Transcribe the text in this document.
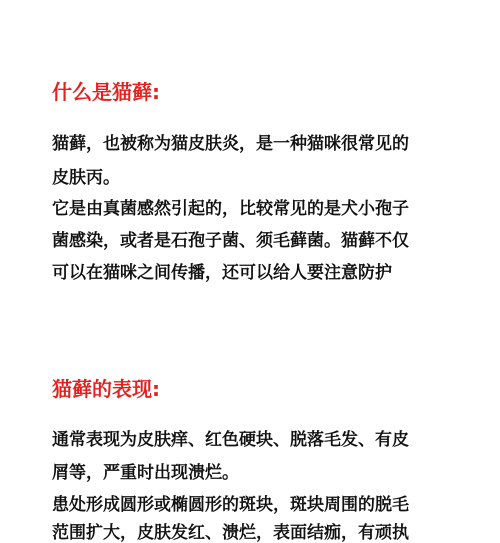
什么是猫藓:

猫藓，也被称为猫皮肤炎，是一种猫咪很常见的

皮肤丙。

它是由真菌感然引起的，比较常见的是犬小孢子

菌感染，或者是石孢子菌、须毛藓菌。猫藓不仅

可以在猫咪之间传播，还可以给人要注意防护

猫藓的表现:

通常表现为皮肤痒、红色硬块、脱落毛发、有皮

屑等，严重时出现溃烂。

患处形成圆形或椭圆形的斑块，斑块周围的脱毛

范围扩大，皮肤发红、溃烂，表面结痂，有顽执
